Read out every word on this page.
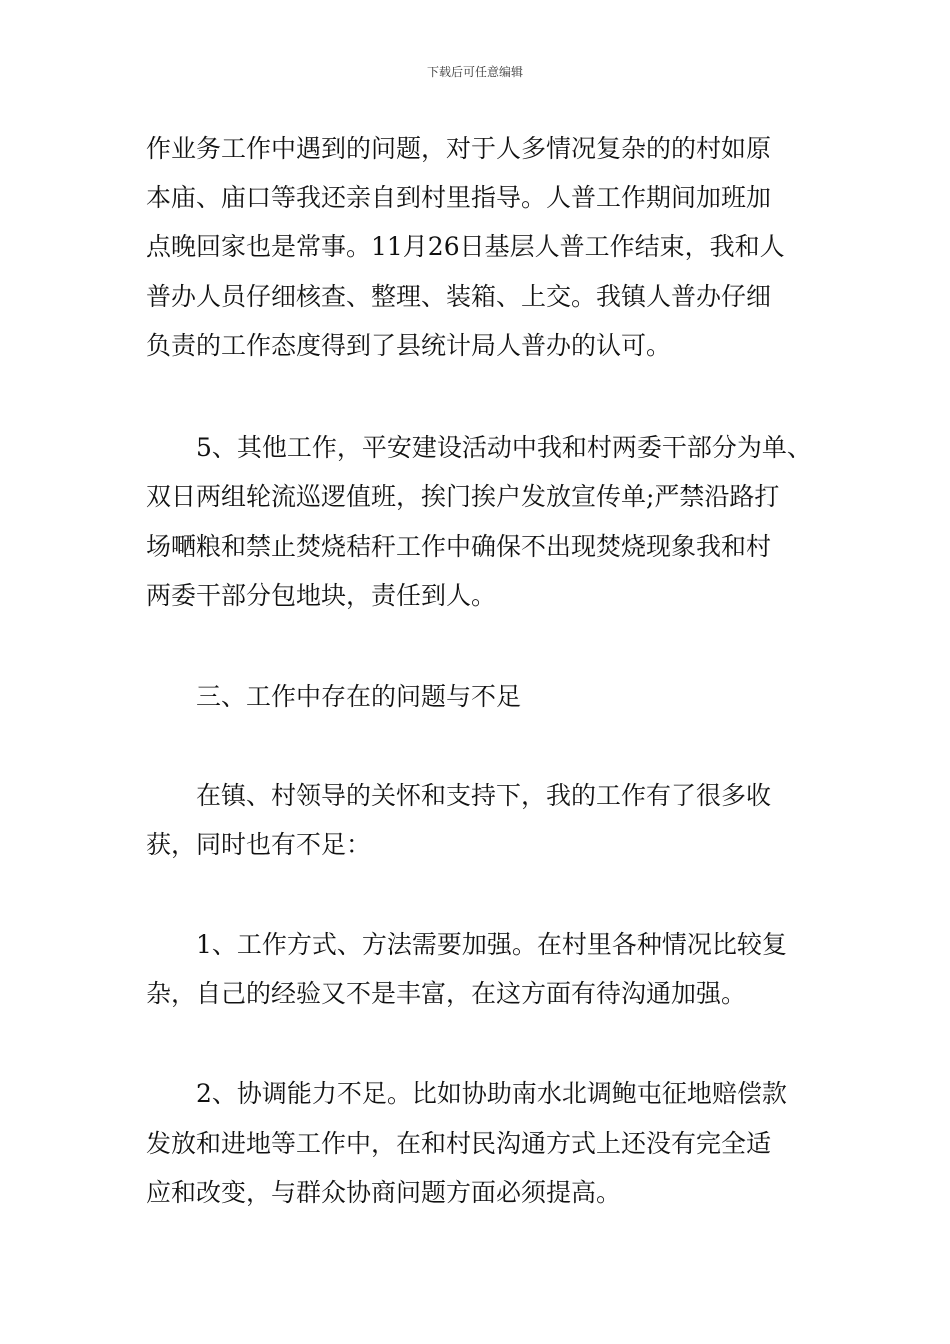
下载后可任意编辑
作业务工作中遇到的问题，对于人多情况复杂的的村如原
本庙、庙口等我还亲自到村里指导。人普工作期间加班加
点晚回家也是常事。11月26日基层人普工作结束，我和人
普办人员仔细核查、整理、装箱、上交。我镇人普办仔细
负责的工作态度得到了县统计局人普办的认可。
5、其他工作，平安建设活动中我和村两委干部分为单、
双日两组轮流巡逻值班，挨门挨户发放宣传单;严禁沿路打
场嗮粮和禁止焚烧秸秆工作中确保不出现焚烧现象我和村
两委干部分包地块，责任到人。
三、工作中存在的问题与不足
在镇、村领导的关怀和支持下，我的工作有了很多收
获，同时也有不足：
1、工作方式、方法需要加强。在村里各种情况比较复
杂，自己的经验又不是丰富，在这方面有待沟通加强。
2、协调能力不足。比如协助南水北调鲍屯征地赔偿款
发放和进地等工作中，在和村民沟通方式上还没有完全适
应和改变，与群众协商问题方面必须提高。
